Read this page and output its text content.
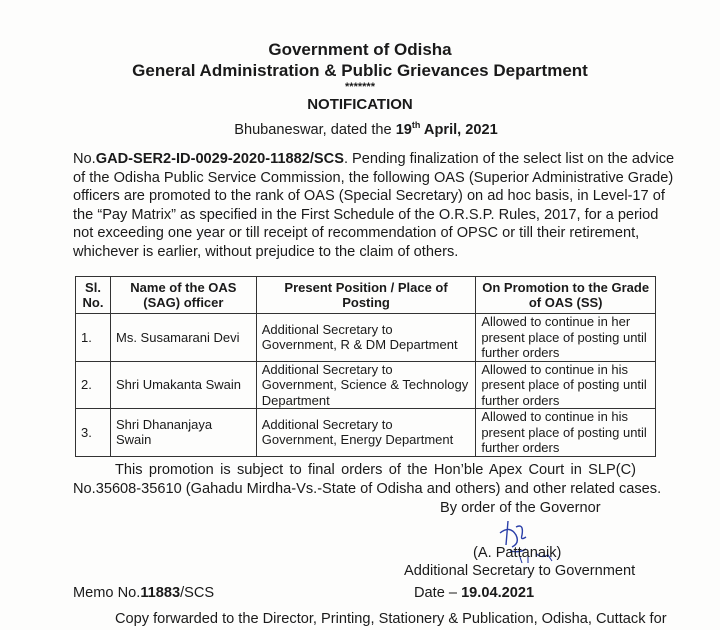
Government of Odisha
General Administration & Public Grievances Department
*******
NOTIFICATION
Bhubaneswar, dated the 19th April, 2021
No.GAD-SER2-ID-0029-2020-11882/SCS. Pending finalization of the select list on the advice
of the Odisha Public Service Commission, the following OAS (Superior Administrative Grade)
officers are promoted to the rank of OAS (Special Secretary) on ad hoc basis, in Level-17 of
the “Pay Matrix” as specified in the First Schedule of the O.R.S.P. Rules, 2017, for a period
not exceeding one year or till receipt of recommendation of OPSC or till their retirement,
whichever is earlier, without prejudice to the claim of others.
Sl. No.	Name of the OAS (SAG) officer	Present Position / Place of Posting	On Promotion to the Grade of OAS (SS)
1.	Ms. Susamarani Devi	Additional Secretary to Government, R & DM Department	Allowed to continue in her present place of posting until further orders
2.	Shri Umakanta Swain	Additional Secretary to Government, Science & Technology Department	Allowed to continue in his present place of posting until further orders
3.	Shri Dhananjaya Swain	Additional Secretary to Government, Energy Department	Allowed to continue in his present place of posting until further orders
This promotion is subject to final orders of the Hon’ble Apex Court in SLP(C)
No.35608-35610 (Gahadu Mirdha-Vs.-State of Odisha and others) and other related cases.
By order of the Governor
(A. Pattanaik)
Additional Secretary to Government
Memo No.11883/SCS	Date – 19.04.2021
Copy forwarded to the Director, Printing, Stationery & Publication, Odisha, Cuttack for
